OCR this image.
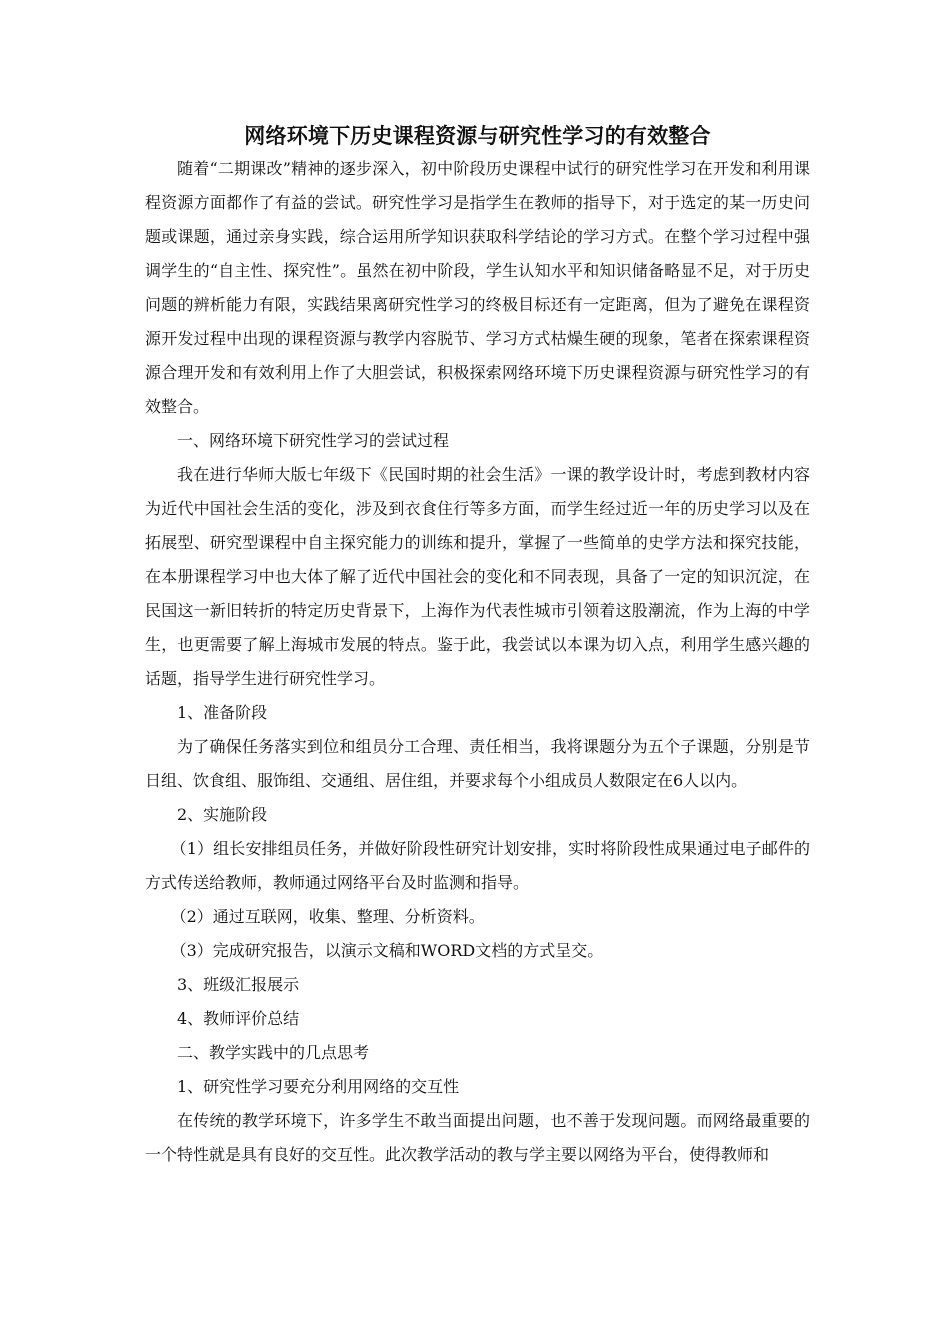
网络环境下历史课程资源与研究性学习的有效整合

随着“二期课改”精神的逐步深入，初中阶段历史课程中试行的研究性学习在开发和利用课程资源方面都作了有益的尝试。研究性学习是指学生在教师的指导下，对于选定的某一历史问题或课题，通过亲身实践，综合运用所学知识获取科学结论的学习方式。在整个学习过程中强调学生的“自主性、探究性”。虽然在初中阶段，学生认知水平和知识储备略显不足，对于历史问题的辨析能力有限，实践结果离研究性学习的终极目标还有一定距离，但为了避免在课程资源开发过程中出现的课程资源与教学内容脱节、学习方式枯燥生硬的现象，笔者在探索课程资源合理开发和有效利用上作了大胆尝试，积极探索网络环境下历史课程资源与研究性学习的有效整合。

一、网络环境下研究性学习的尝试过程

我在进行华师大版七年级下《民国时期的社会生活》一课的教学设计时，考虑到教材内容为近代中国社会生活的变化，涉及到衣食住行等多方面，而学生经过近一年的历史学习以及在拓展型、研究型课程中自主探究能力的训练和提升，掌握了一些简单的史学方法和探究技能，在本册课程学习中也大体了解了近代中国社会的变化和不同表现，具备了一定的知识沉淀，在民国这一新旧转折的特定历史背景下，上海作为代表性城市引领着这股潮流，作为上海的中学生，也更需要了解上海城市发展的特点。鉴于此，我尝试以本课为切入点，利用学生感兴趣的话题，指导学生进行研究性学习。

1、准备阶段

为了确保任务落实到位和组员分工合理、责任相当，我将课题分为五个子课题，分别是节日组、饮食组、服饰组、交通组、居住组，并要求每个小组成员人数限定在6人以内。

2、实施阶段

（1）组长安排组员任务，并做好阶段性研究计划安排，实时将阶段性成果通过电子邮件的方式传送给教师，教师通过网络平台及时监测和指导。

（2）通过互联网，收集、整理、分析资料。

（3）完成研究报告，以演示文稿和WORD文档的方式呈交。

3、班级汇报展示

4、教师评价总结

二、教学实践中的几点思考

1、研究性学习要充分利用网络的交互性

在传统的教学环境下，许多学生不敢当面提出问题，也不善于发现问题。而网络最重要的一个特性就是具有良好的交互性。此次教学活动的教与学主要以网络为平台，使得教师和
